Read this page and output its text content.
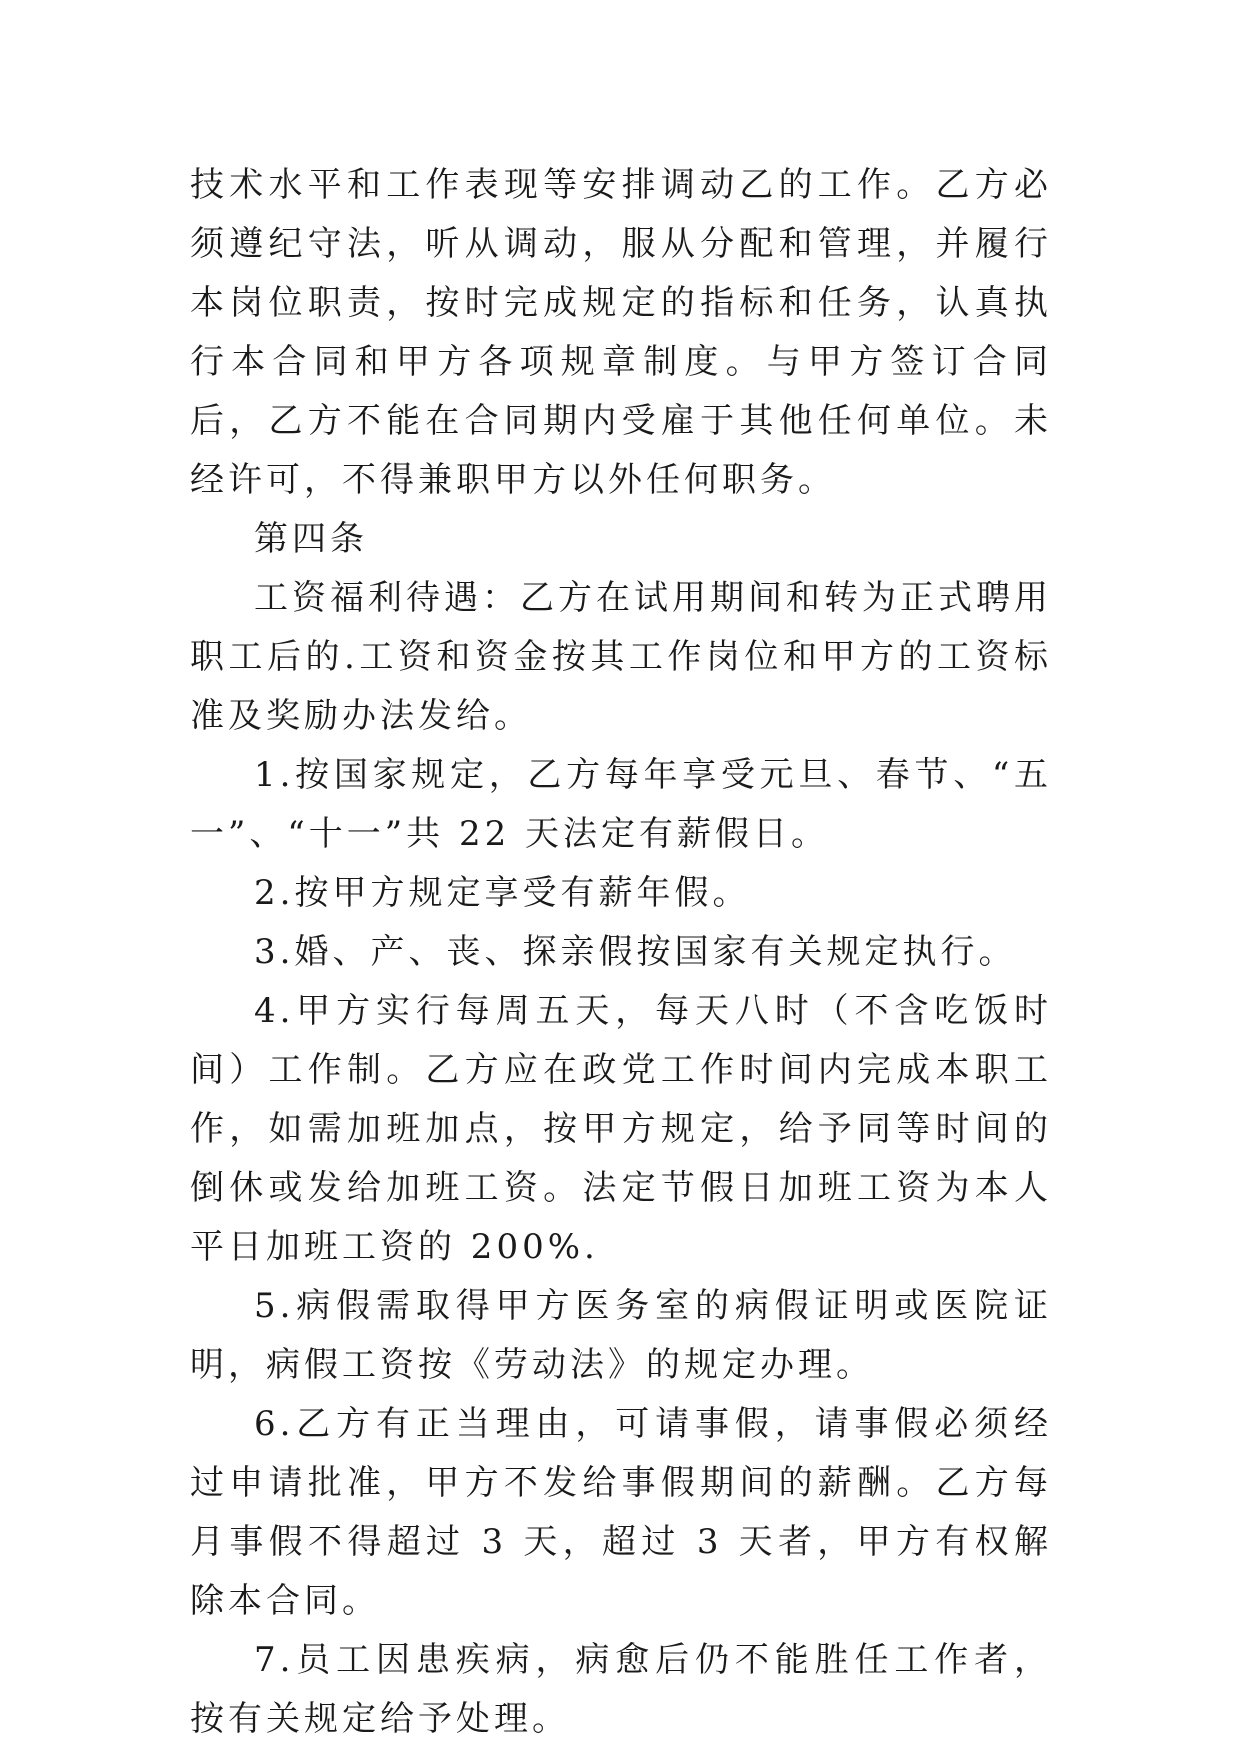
技术水平和工作表现等安排调动乙的工作。乙方必须遵纪守法，听从调动，服从分配和管理，并履行本岗位职责，按时完成规定的指标和任务，认真执行本合同和甲方各项规章制度。与甲方签订合同后，乙方不能在合同期内受雇于其他任何单位。未经许可，不得兼职甲方以外任何职务。

第四条

工资福利待遇：乙方在试用期间和转为正式聘用职工后的.工资和资金按其工作岗位和甲方的工资标准及奖励办法发给。

1.按国家规定，乙方每年享受元旦、春节、“五一”、“十一”共 22 天法定有薪假日。

2.按甲方规定享受有薪年假。

3.婚、产、丧、探亲假按国家有关规定执行。

4.甲方实行每周五天，每天八时（不含吃饭时间）工作制。乙方应在政党工作时间内完成本职工作，如需加班加点，按甲方规定，给予同等时间的倒休或发给加班工资。法定节假日加班工资为本人平日加班工资的 200%.

5.病假需取得甲方医务室的病假证明或医院证明，病假工资按《劳动法》的规定办理。

6.乙方有正当理由，可请事假，请事假必须经过申请批准，甲方不发给事假期间的薪酬。乙方每月事假不得超过 3 天，超过 3 天者，甲方有权解除本合同。

7.员工因患疾病，病愈后仍不能胜任工作者，按有关规定给予处理。
